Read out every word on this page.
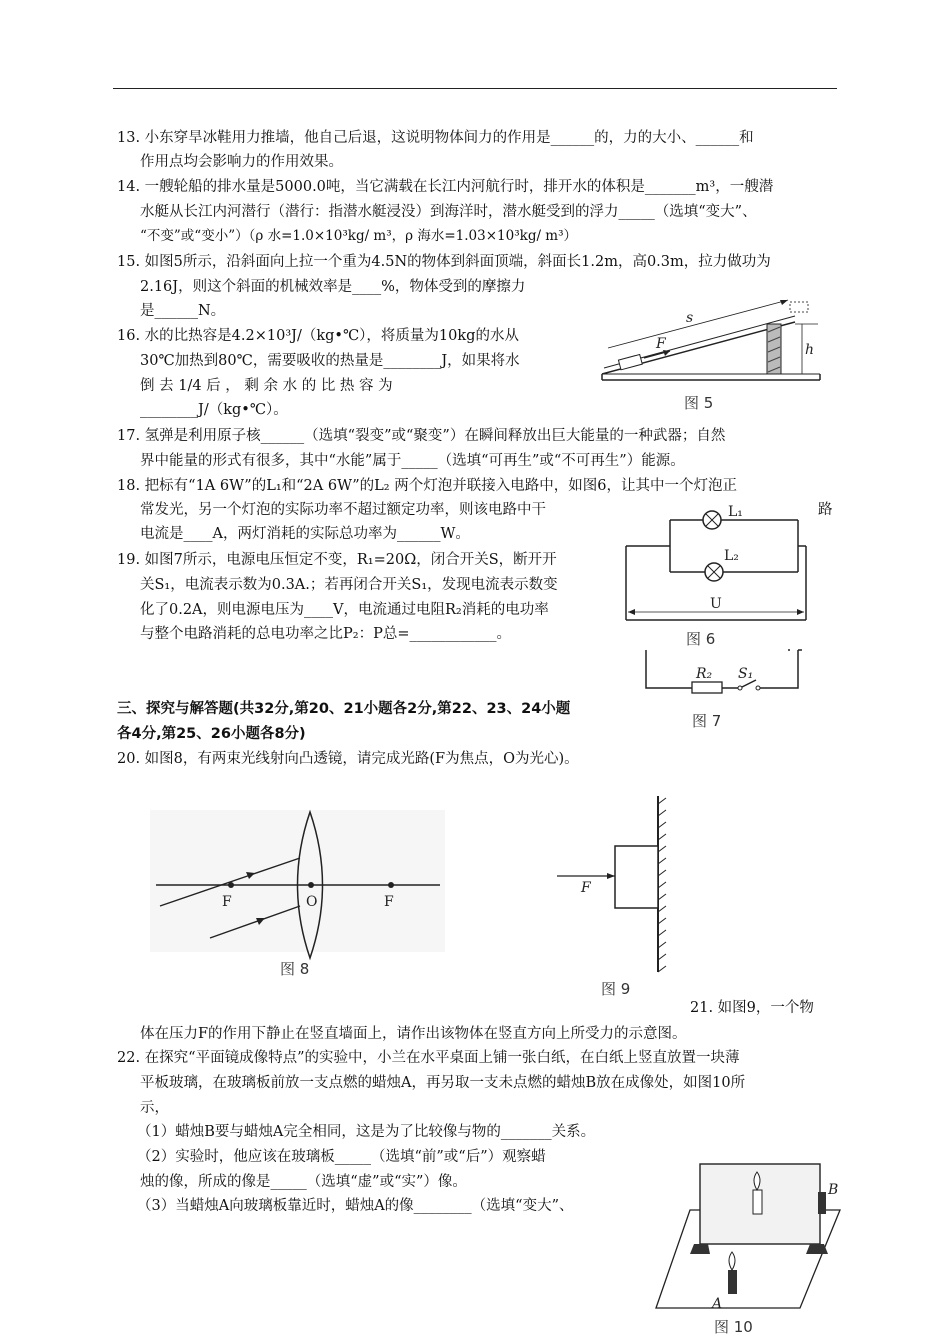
13. 小东穿旱冰鞋用力推墙，他自己后退，这说明物体间力的作用是______的，力的大小、______和
作用点均会影响力的作用效果。
14. 一艘轮船的排水量是5000.0吨，当它满载在长江内河航行时，排开水的体积是_______m³，一艘潜
水艇从长江内河潜行（潜行：指潜水艇浸没）到海洋时，潜水艇受到的浮力_____（选填“变大”、
“不变”或“变小”）（ρ 水=1.0×10³kg/ m³，ρ 海水=1.03×10³kg/ m³）
15. 如图5所示，沿斜面向上拉一个重为4.5N的物体到斜面顶端，斜面长1.2m，高0.3m，拉力做功为
2.16J，则这个斜面的机械效率是____%，物体受到的摩擦力
是______N。
16. 水的比热容是4.2×10³J/（kg•℃），将质量为10kg的水从
30℃加热到80℃，需要吸收的热量是________J，如果将水
倒 去 1/4 后 ， 剩 余 水 的 比 热 容 为
________J/（kg•℃）。
F
s
h
图 5
17. 氢弹是利用原子核______（选填“裂变”或“聚变”）在瞬间释放出巨大能量的一种武器；自然
界中能量的形式有很多，其中“水能”属于_____（选填“可再生”或“不可再生”）能源。
18. 把标有“1A 6W”的L₁和“2A 6W”的L₂ 两个灯泡并联接入电路中，如图6，让其中一个灯泡正
常发光，另一个灯泡的实际功率不超过额定功率，则该电路中干	路
电流是____A，两灯消耗的实际总功率为______W。
L₁
L₂
U
图 6
19. 如图7所示，电源电压恒定不变，R₁=20Ω，闭合开关S，断开开
关S₁，电流表示数为0.3A.；若再闭合开关S₁，发现电流表示数变
化了0.2A，则电源电压为____V，电流通过电阻R₂消耗的电功率
与整个电路消耗的总电功率之比P₂：P总=____________。
R₂ S₁
图 7
三、探究与解答题(共32分,第20、21小题各2分,第22、23、24小题
各4分,第25、26小题各8分)
20. 如图8，有两束光线射向凸透镜，请完成光路(F为焦点，O为光心)。
F	O	F
图 8
F
图 9
21. 如图9，一个物
体在压力F的作用下静止在竖直墙面上，请作出该物体在竖直方向上所受力的示意图。
22. 在探究“平面镜成像特点”的实验中，小兰在水平桌面上铺一张白纸，在白纸上竖直放置一块薄
平板玻璃，在玻璃板前放一支点燃的蜡烛A，再另取一支未点燃的蜡烛B放在成像处，如图10所
示，
（1）蜡烛B要与蜡烛A完全相同，这是为了比较像与物的_______关系。
（2）实验时，他应该在玻璃板_____（选填“前”或“后”）观察蜡
烛的像，所成的像是_____（选填“虚”或“实”）像。
（3）当蜡烛A向玻璃板靠近时，蜡烛A的像________（选填“变大”、
A
B
图 10
